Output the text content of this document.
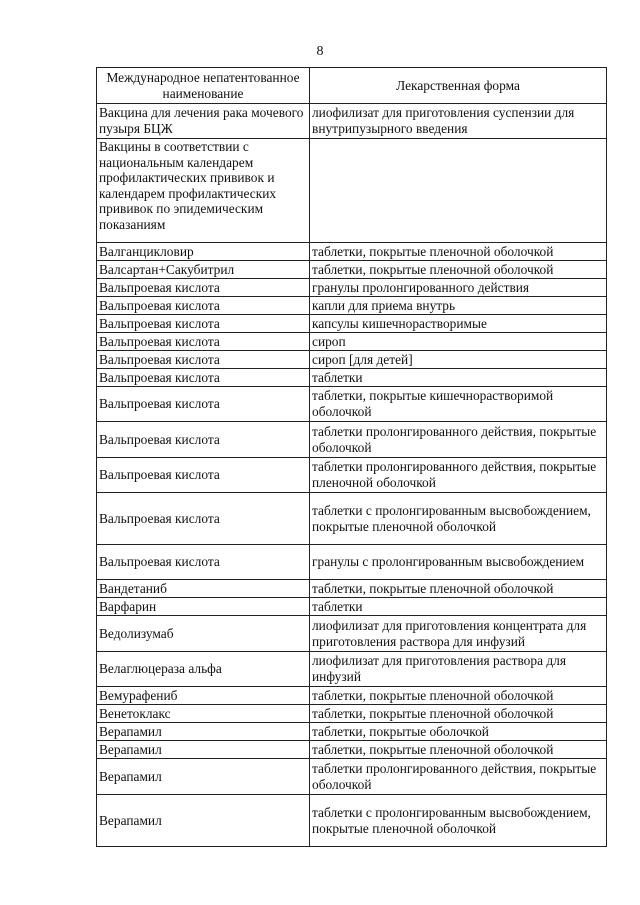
8
Международное непатентованное наименование	Лекарственная форма
Вакцина для лечения рака мочевого пузыря БЦЖ	лиофилизат для приготовления суспензии для внутрипузырного введения
Вакцины в соответствии с национальным календарем профилактических прививок и календарем профилактических прививок по эпидемическим показаниям	
Валганцикловир	таблетки, покрытые пленочной оболочкой
Валсартан+Сакубитрил	таблетки, покрытые пленочной оболочкой
Вальпроевая кислота	гранулы пролонгированного действия
Вальпроевая кислота	капли для приема внутрь
Вальпроевая кислота	капсулы кишечнорастворимые
Вальпроевая кислота	сироп
Вальпроевая кислота	сироп [для детей]
Вальпроевая кислота	таблетки
Вальпроевая кислота	таблетки, покрытые кишечнорастворимой оболочкой
Вальпроевая кислота	таблетки пролонгированного действия, покрытые оболочкой
Вальпроевая кислота	таблетки пролонгированного действия, покрытые пленочной оболочкой
Вальпроевая кислота	таблетки с пролонгированным высвобождением, покрытые пленочной оболочкой
Вальпроевая кислота	гранулы с пролонгированным высвобождением
Вандетаниб	таблетки, покрытые пленочной оболочкой
Варфарин	таблетки
Ведолизумаб	лиофилизат для приготовления концентрата для приготовления раствора для инфузий
Велаглюцераза альфа	лиофилизат для приготовления раствора для инфузий
Вемурафениб	таблетки, покрытые пленочной оболочкой
Венетоклакс	таблетки, покрытые пленочной оболочкой
Верапамил	таблетки, покрытые оболочкой
Верапамил	таблетки, покрытые пленочной оболочкой
Верапамил	таблетки пролонгированного действия, покрытые оболочкой
Верапамил	таблетки с пролонгированным высвобождением, покрытые пленочной оболочкой
